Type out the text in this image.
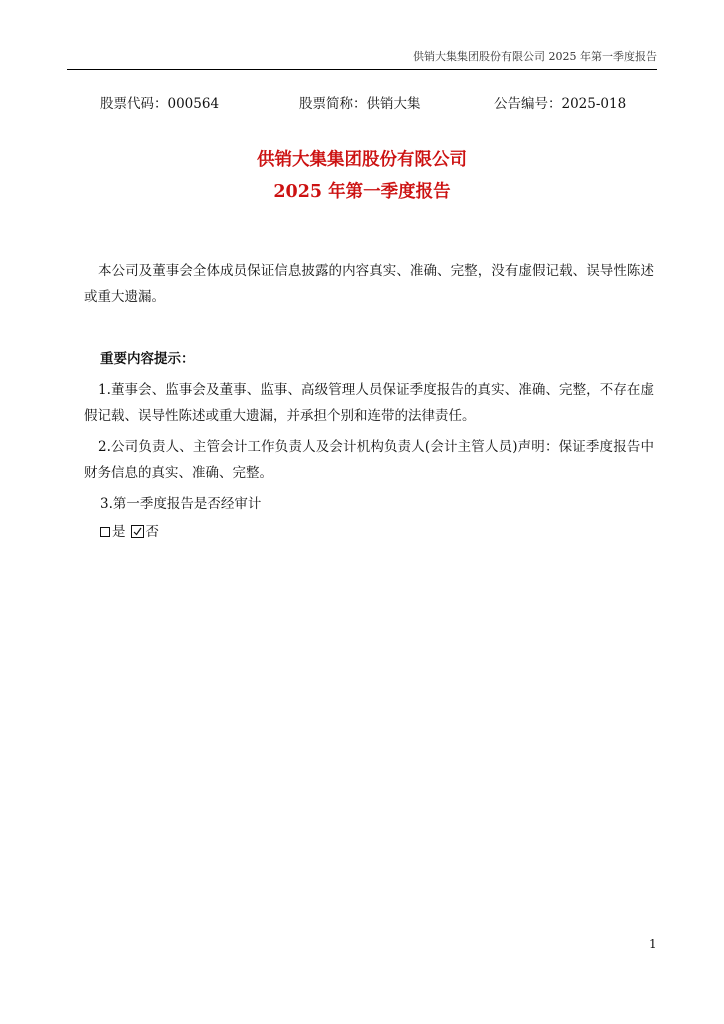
供销大集集团股份有限公司 2025 年第一季度报告
股票代码：000564	股票简称：供销大集	公告编号：2025-018
供销大集集团股份有限公司
2025 年第一季度报告
本公司及董事会全体成员保证信息披露的内容真实、准确、完整，没有虚假记载、误导性陈述或重大遗漏。
重要内容提示：
1.董事会、监事会及董事、监事、高级管理人员保证季度报告的真实、准确、完整，不存在虚假记载、误导性陈述或重大遗漏，并承担个别和连带的法律责任。
2.公司负责人、主管会计工作负责人及会计机构负责人(会计主管人员)声明：保证季度报告中财务信息的真实、准确、完整。
3.第一季度报告是否经审计
是 否
1
